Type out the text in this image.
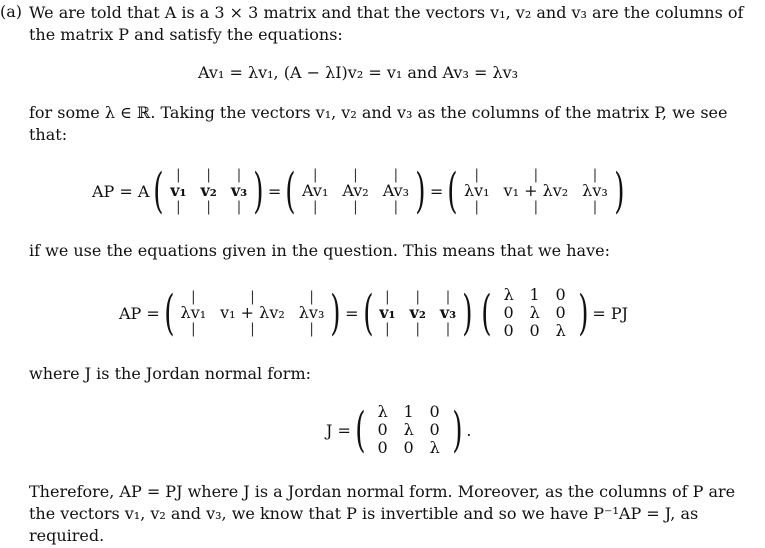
(a) We are told that A is a 3 × 3 matrix and that the vectors v₁, v₂ and v₃ are the columns of the matrix P and satisfy the equations:
Av₁ = λv₁, (A − λI)v₂ = v₁ and Av₃ = λv₃
for some λ ∈ ℝ. Taking the vectors v₁, v₂ and v₃ as the columns of the matrix P, we see that:
AP = A ( |
v₁
|
|
v₂
|
|
v₃
| ) = ( |
Av₁
|
|
Av₂
|
|
Av₃
| ) = ( |
λv₁
|
|
v₁ + λv₂
|
|
λv₃
| )
if we use the equations given in the question. This means that we have:
AP = ( |
λv₁
|
|
v₁ + λv₂
|
|
λv₃
| ) = ( |
v₁
|
|
v₂
|
|
v₃
| ) ( λ 1 0
0 λ 0
0 0 λ ) = PJ
where J is the Jordan normal form:
J = ( λ 1 0
0 λ 0
0 0 λ ) .
Therefore, AP = PJ where J is a Jordan normal form. Moreover, as the columns of P are the vectors v₁, v₂ and v₃, we know that P is invertible and so we have P⁻¹AP = J, as required.
